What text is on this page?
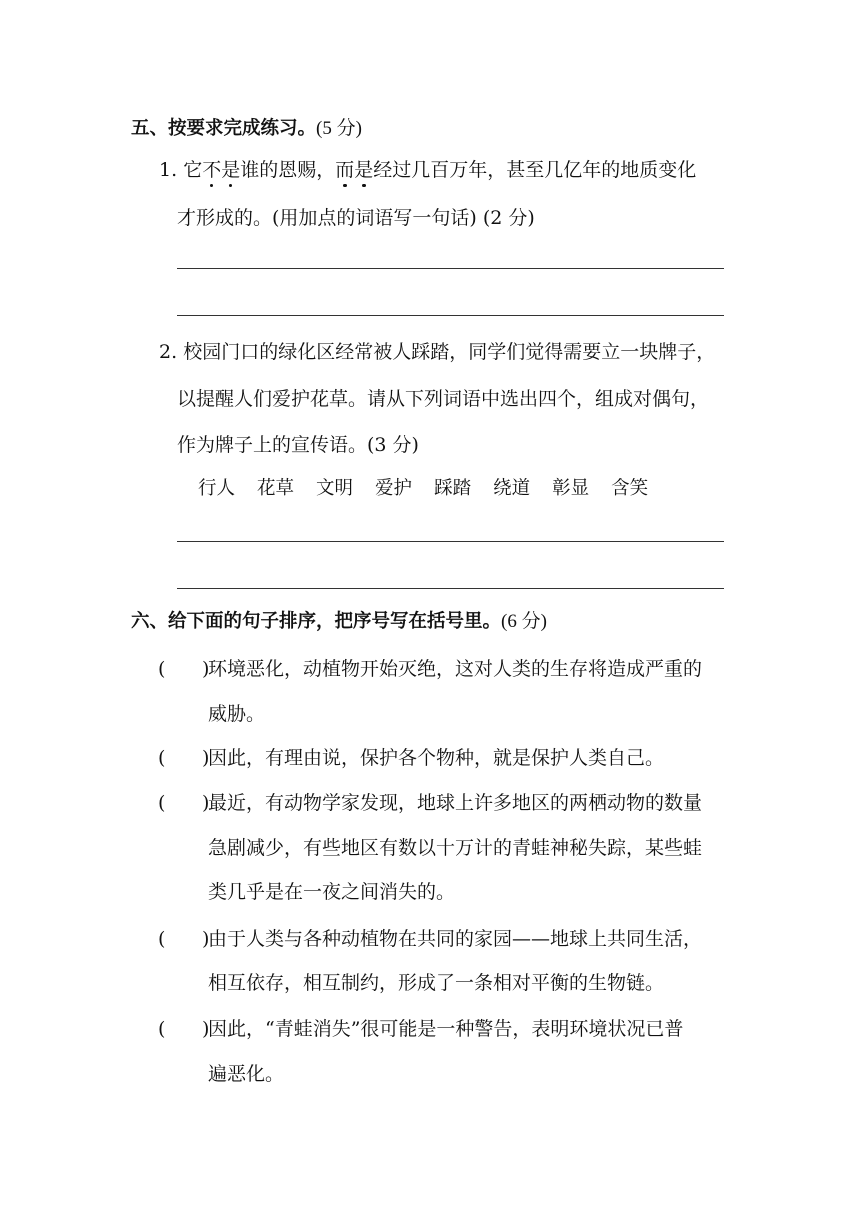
五、按要求完成练习。(5 分)
1. 它不是谁的恩赐，而是经过几百万年，甚至几亿年的地质变化
才形成的。(用加点的词语写一句话) (2 分)
2. 校园门口的绿化区经常被人踩踏，同学们觉得需要立一块牌子，
以提醒人们爱护花草。请从下列词语中选出四个，组成对偶句，
作为牌子上的宣传语。(3 分)
行人 花草 文明 爱护 踩踏 绕道 彰显 含笑
六、给下面的句子排序，把序号写在括号里。(6 分)
( )
环境恶化，动植物开始灭绝，这对人类的生存将造成严重的
威胁。
( )
因此，有理由说，保护各个物种，就是保护人类自己。
( )
最近，有动物学家发现，地球上许多地区的两栖动物的数量
急剧减少，有些地区有数以十万计的青蛙神秘失踪，某些蛙
类几乎是在一夜之间消失的。
( )
由于人类与各种动植物在共同的家园——地球上共同生活，
相互依存，相互制约，形成了一条相对平衡的生物链。
( )
因此，“青蛙消失”很可能是一种警告，表明环境状况已普
遍恶化。
